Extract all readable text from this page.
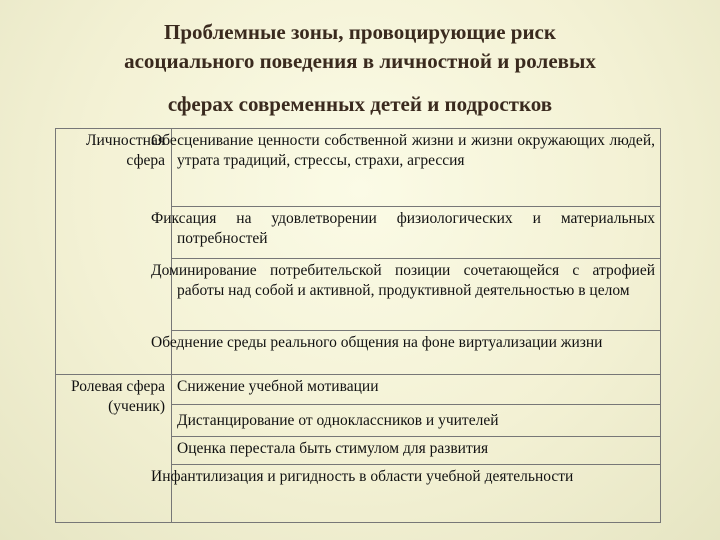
Проблемные зоны, провоцирующие риск
асоциального поведения в личностной и ролевых
сферах современных детей и подростков
Личностная сфера	Обесценивание ценности собственной жизни и жизни окружающих людей, утрата традиций, стрессы, страхи, агрессия
	Фиксация на удовлетворении физиологических и материальных потребностей
	Доминирование потребительской позиции сочетающейся с атрофией работы над собой и активной, продуктивной деятельностью в целом
	Обеднение среды реального общения на фоне виртуализации жизни
Ролевая сфера (ученик)	Снижение учебной мотивации
	Дистанцирование от одноклассников и учителей
	Оценка перестала быть стимулом для развития
	Инфантилизация и ригидность в области учебной деятельности
